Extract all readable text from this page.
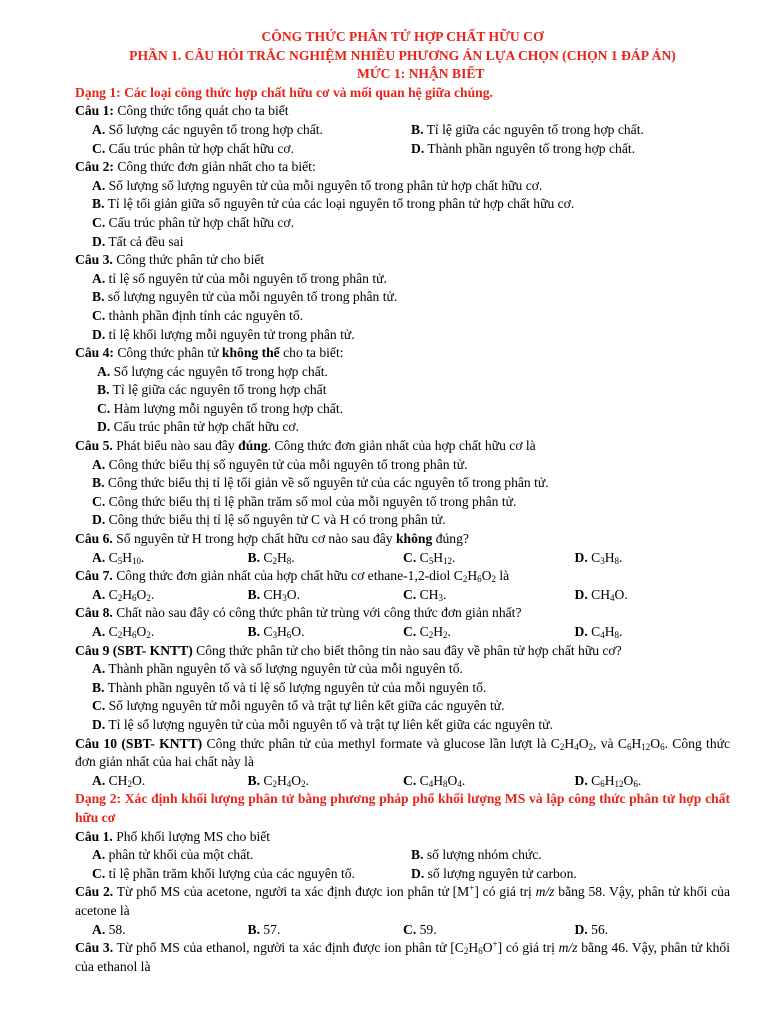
CÔNG THỨC PHÂN TỬ HỢP CHẤT HỮU CƠ
PHẦN 1. CÂU HỎI TRẮC NGHIỆM NHIỀU PHƯƠNG ÁN LỰA CHỌN (CHỌN 1 ĐÁP ÁN)
MỨC 1: NHẬN BIẾT
Dạng 1: Các loại công thức hợp chất hữu cơ và mối quan hệ giữa chúng.
Câu 1: Công thức tổng quát cho ta biết
A. Số lượng các nguyên tố trong hợp chất.	B. Tỉ lệ giữa các nguyên tố trong hợp chất.
C. Cấu trúc phân tử hợp chất hữu cơ.	D. Thành phần nguyên tố trong hợp chất.
Câu 2: Công thức đơn giản nhất cho ta biết:
A. Số lượng số lượng nguyên tử của mỗi nguyên tố trong phân tử hợp chất hữu cơ.
B. Tỉ lệ tối giản giữa số nguyên tử của các loại nguyên tố trong phân tử hợp chất hữu cơ.
C. Cấu trúc phân tử hợp chất hữu cơ.
D. Tất cả đều sai
Câu 3. Công thức phân tử cho biết
A. tỉ lệ số nguyên tử của mỗi nguyên tố trong phân tử.
B. số lượng nguyên tử của mỗi nguyên tố trong phân tử.
C. thành phần định tính các nguyên tố.
D. tỉ lệ khối lượng mỗi nguyên tử trong phân tử.
Câu 4: Công thức phân tử không thể cho ta biết:
A. Số lượng các nguyên tố trong hợp chất.
B. Tỉ lệ giữa các nguyên tố trong hợp chất
C. Hàm lượng mỗi nguyên tố trong hợp chất.
D. Cấu trúc phân tử hợp chất hữu cơ.
Câu 5. Phát biểu nào sau đây đúng. Công thức đơn giản nhất của hợp chất hữu cơ là
A. Công thức biểu thị số nguyên tử của mỗi nguyên tố trong phân tử.
B. Công thức biểu thị tỉ lệ tối giản về số nguyên tử của các nguyên tố trong phân tử.
C. Công thức biểu thị tỉ lệ phần trăm số mol của mỗi nguyên tố trong phân tử.
D. Công thức biểu thị tỉ lệ số nguyên tử C và H có trong phân tử.
Câu 6. Số nguyên tử H trong hợp chất hữu cơ nào sau đây không đúng?
A. $C_5H_{10}$.	B. $C_2H_8$.	C. $C_5H_{12}$.	D. $C_3H_8$.
Câu 7. Công thức đơn giản nhất của hợp chất hữu cơ ethane-1,2-diol $C_2H_6O_2$ là
A. $C_2H_6O_2$.	B. $CH_3O$.	C. $CH_3$.	D. $CH_4O$.
Câu 8. Chất nào sau đây có công thức phân tử trùng với công thức đơn giản nhất?
A. $C_2H_6O_2$.	B. $C_3H_6O$.	C. $C_2H_2$.	D. $C_4H_8$.
Câu 9 (SBT- KNTT) Công thức phân tử cho biết thông tin nào sau đây về phân tử hợp chất hữu cơ?
A. Thành phần nguyên tố và số lượng nguyên tử của mỗi nguyên tố.
B. Thành phần nguyên tố và tỉ lệ số lượng nguyên tử của mỗi nguyên tố.
C. Số lượng nguyên tử mỗi nguyên tố và trật tự liên kết giữa các nguyên tử.
D. Tỉ lệ số lượng nguyên tử của mỗi nguyên tố và trật tự liên kết giữa các nguyên tử.
Câu 10 (SBT- KNTT) Công thức phân tử của methyl formate và glucose lần lượt là $C_2H_4O_2$, và $C_6H_{12}O_6$. Công thức đơn giản nhất của hai chất này là
A. $CH_2O$.	B. $C_2H_4O_2$.	C. $C_4H_8O_4$.	D. $C_6H_{12}O_6$.
Dạng 2: Xác định khối lượng phân tử bằng phương pháp phổ khối lượng MS và lập công thức phân tử hợp chất hữu cơ
Câu 1. Phổ khối lượng MS cho biết
A. phân tử khối của một chất.	B. số lượng nhóm chức.
C. tỉ lệ phần trăm khối lượng của các nguyên tố.	D. số lượng nguyên tử carbon.
Câu 2. Từ phổ MS của acetone, người ta xác định được ion phân tử [M+] có giá trị m/z bằng 58. Vậy, phân tử khối của acetone là
A. 58.	B. 57.	C. 59.	D. 56.
Câu 3. Từ phổ MS của ethanol, người ta xác định được ion phân tử $[C_2H_6O^+]$ có giá trị m/z bằng 46. Vậy, phân tử khối của ethanol là
